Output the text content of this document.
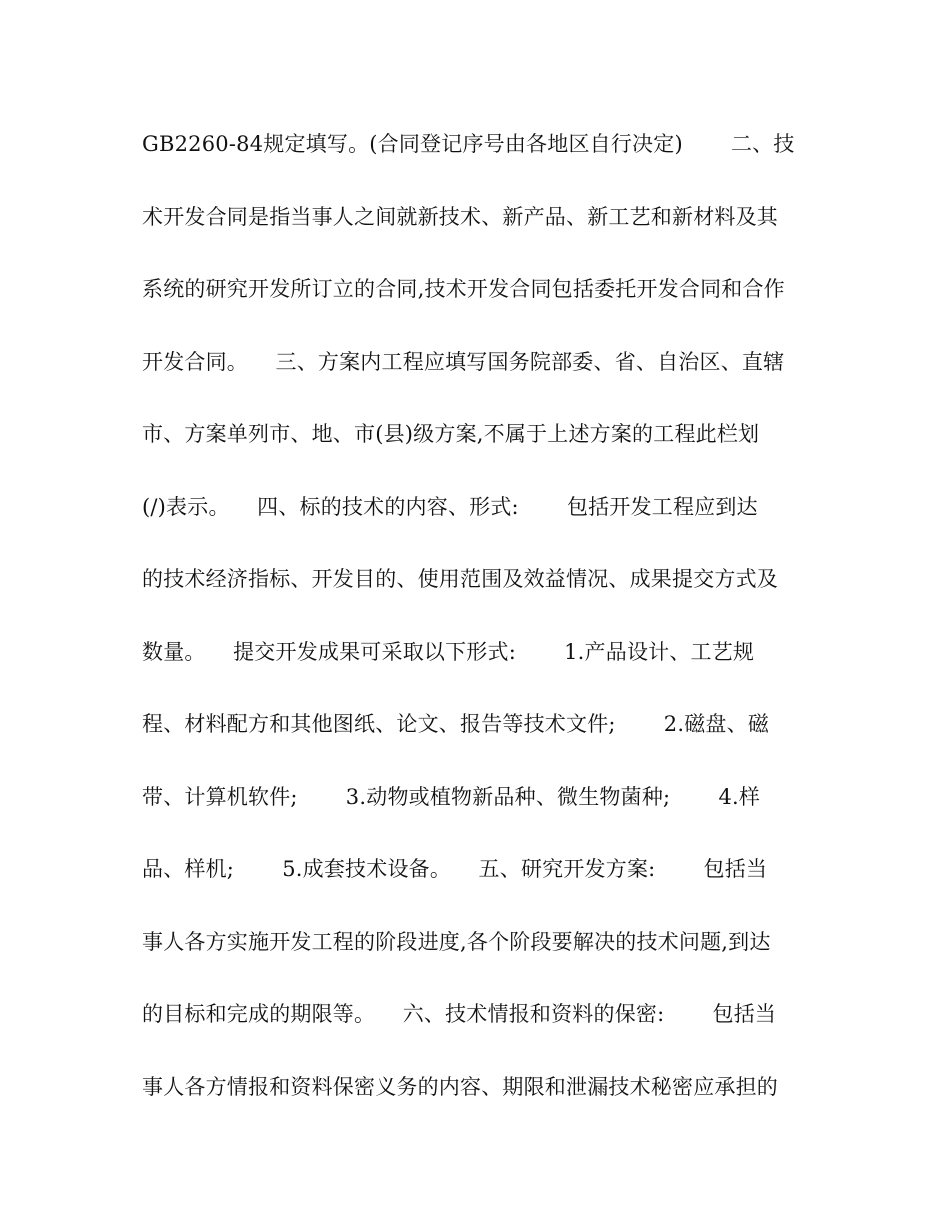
GB2260-84规定填写。(合同登记序号由各地区自行决定)       二、技
术开发合同是指当事人之间就新技术、新产品、新工艺和新材料及其
系统的研究开发所订立的合同,技术开发合同包括委托开发合同和合作
开发合同。    三、方案内工程应填写国务院部委、省、自治区、直辖
市、方案单列市、地、市(县)级方案,不属于上述方案的工程此栏划
(/)表示。    四、标的技术的内容、形式:       包括开发工程应到达
的技术经济指标、开发目的、使用范围及效益情况、成果提交方式及
数量。    提交开发成果可采取以下形式:       1.产品设计、工艺规
程、材料配方和其他图纸、论文、报告等技术文件;       2.磁盘、磁
带、计算机软件;       3.动物或植物新品种、微生物菌种;       4.样
品、样机;       5.成套技术设备。    五、研究开发方案:       包括当
事人各方实施开发工程的阶段进度,各个阶段要解决的技术问题,到达
的目标和完成的期限等。    六、技术情报和资料的保密:       包括当
事人各方情报和资料保密义务的内容、期限和泄漏技术秘密应承担的
